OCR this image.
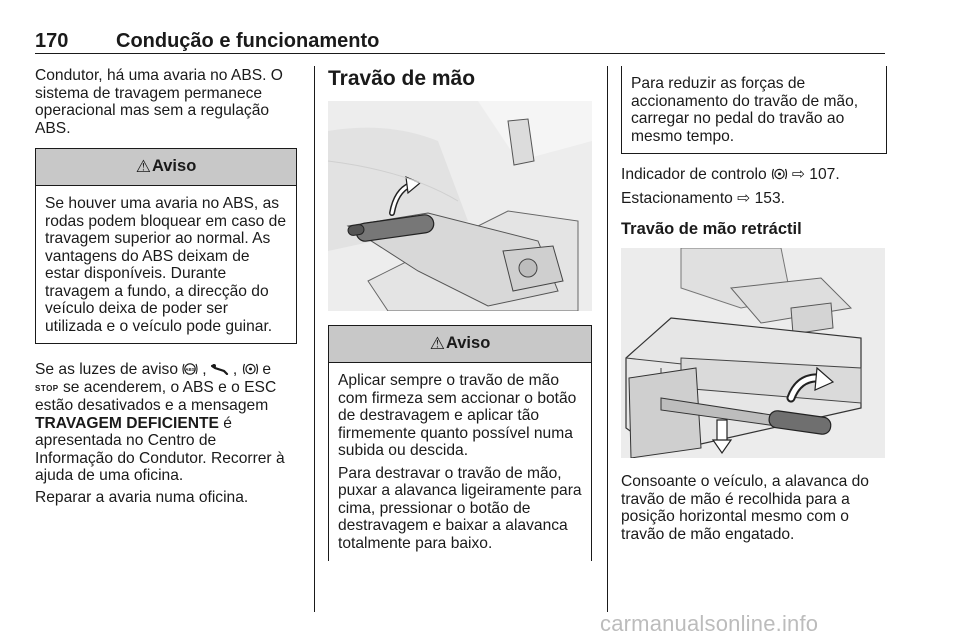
170 Condução e funcionamento

Condutor, há uma avaria no ABS. O sistema de travagem permanece operacional mas sem a regulação ABS.

⚠ Aviso

Se houver uma avaria no ABS, as rodas podem bloquear em caso de travagem superior ao normal. As vantagens do ABS deixam de estar disponíveis. Durante travagem a fundo, a direcção do veículo deixa de poder ser utilizada e o veículo pode guinar.

Se as luzes de aviso ABS , , e
STOP se acenderem, o ABS e o ESC estão desativados e a mensagem TRAVAGEM DEFICIENTE é apresentada no Centro de Informação do Condutor. Recorrer à ajuda de uma oficina.

Reparar a avaria numa oficina.

Travão de mão
⚠ Aviso

Aplicar sempre o travão de mão com firmeza sem accionar o botão de destravagem e aplicar tão firmemente quanto possível numa subida ou descida.

Para destravar o travão de mão, puxar a alavanca ligeiramente para cima, pressionar o botão de destravagem e baixar a alavanca totalmente para baixo.

Para reduzir as forças de accionamento do travão de mão, carregar no pedal do travão ao mesmo tempo.

Indicador de controlo ⇨ 107.

Estacionamento ⇨ 153.

Travão de mão retráctil

Consoante o veículo, a alavanca do travão de mão é recolhida para a posição horizontal mesmo com o travão de mão engatado.

carmanualsonline.info
